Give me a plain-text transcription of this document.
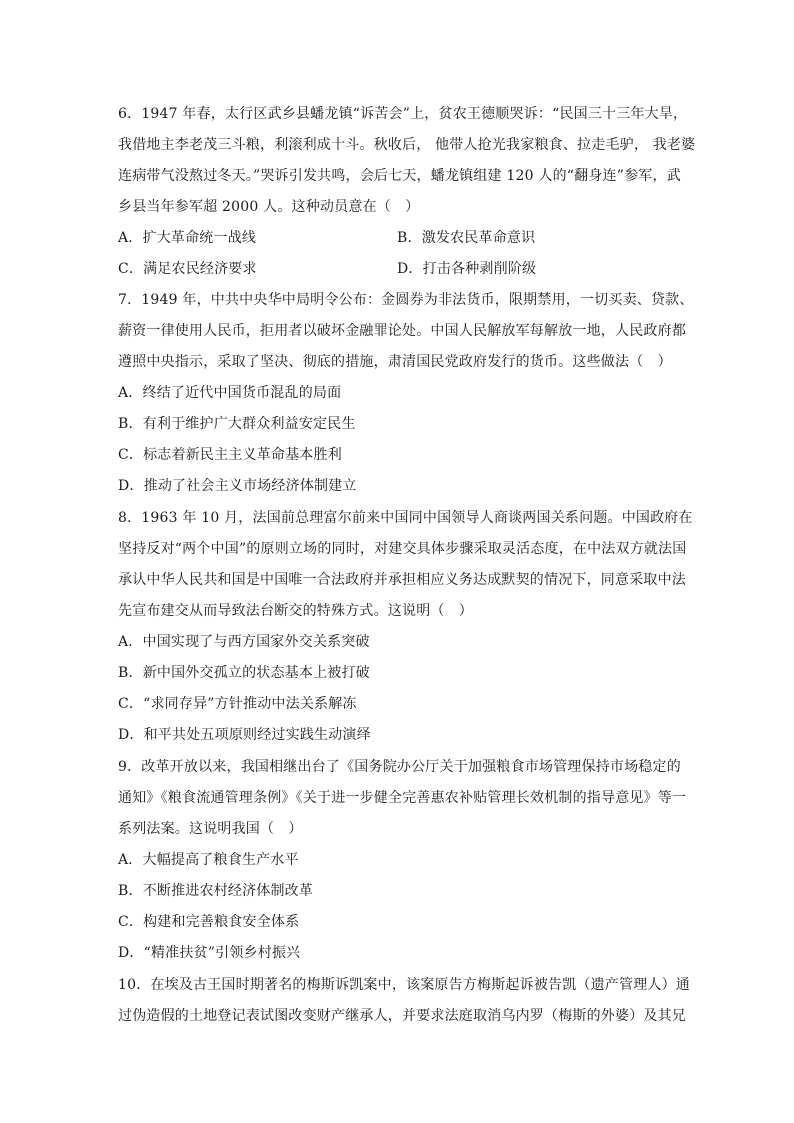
6．1947 年春，太行区武乡县蟠龙镇“诉苦会”上，贫农王德顺哭诉：“民国三十三年大旱，
我借地主李老茂三斗粮，利滚利成十斗。秋收后， 他带人抢光我家粮食、拉走毛驴， 我老婆
连病带气没熬过冬天。”哭诉引发共鸣，会后七天，蟠龙镇组建 120 人的“翻身连”参军，武
乡县当年参军超 2000 人。这种动员意在（　）
A．扩大革命统一战线	B．激发农民革命意识
C．满足农民经济要求	D．打击各种剥削阶级
7．1949 年，中共中央华中局明令公布：金圆券为非法货币，限期禁用，一切买卖、贷款、
薪资一律使用人民币，拒用者以破坏金融罪论处。中国人民解放军每解放一地，人民政府都
遵照中央指示，采取了坚决、彻底的措施，肃清国民党政府发行的货币。这些做法（　）
A．终结了近代中国货币混乱的局面
B．有利于维护广大群众利益安定民生
C．标志着新民主主义革命基本胜利
D．推动了社会主义市场经济体制建立
8．1963 年 10 月，法国前总理富尔前来中国同中国领导人商谈两国关系问题。中国政府在
坚持反对“两个中国”的原则立场的同时，对建交具体步骤采取灵活态度，在中法双方就法国
承认中华人民共和国是中国唯一合法政府并承担相应义务达成默契的情况下，同意采取中法
先宣布建交从而导致法台断交的特殊方式。这说明（　）
A．中国实现了与西方国家外交关系突破
B．新中国外交孤立的状态基本上被打破
C．“求同存异”方针推动中法关系解冻
D．和平共处五项原则经过实践生动演绎
9．改革开放以来，我国相继出台了《国务院办公厅关于加强粮食市场管理保持市场稳定的
通知》《粮食流通管理条例》《关于进一步健全完善惠农补贴管理长效机制的指导意见》等一
系列法案。这说明我国（　）
A．大幅提高了粮食生产水平
B．不断推进农村经济体制改革
C．构建和完善粮食安全体系
D．“精准扶贫”引领乡村振兴
10．在埃及古王国时期著名的梅斯诉凯案中，该案原告方梅斯起诉被告凯（遗产管理人）通
过伪造假的土地登记表试图改变财产继承人，并要求法庭取消乌内罗（梅斯的外婆）及其兄
